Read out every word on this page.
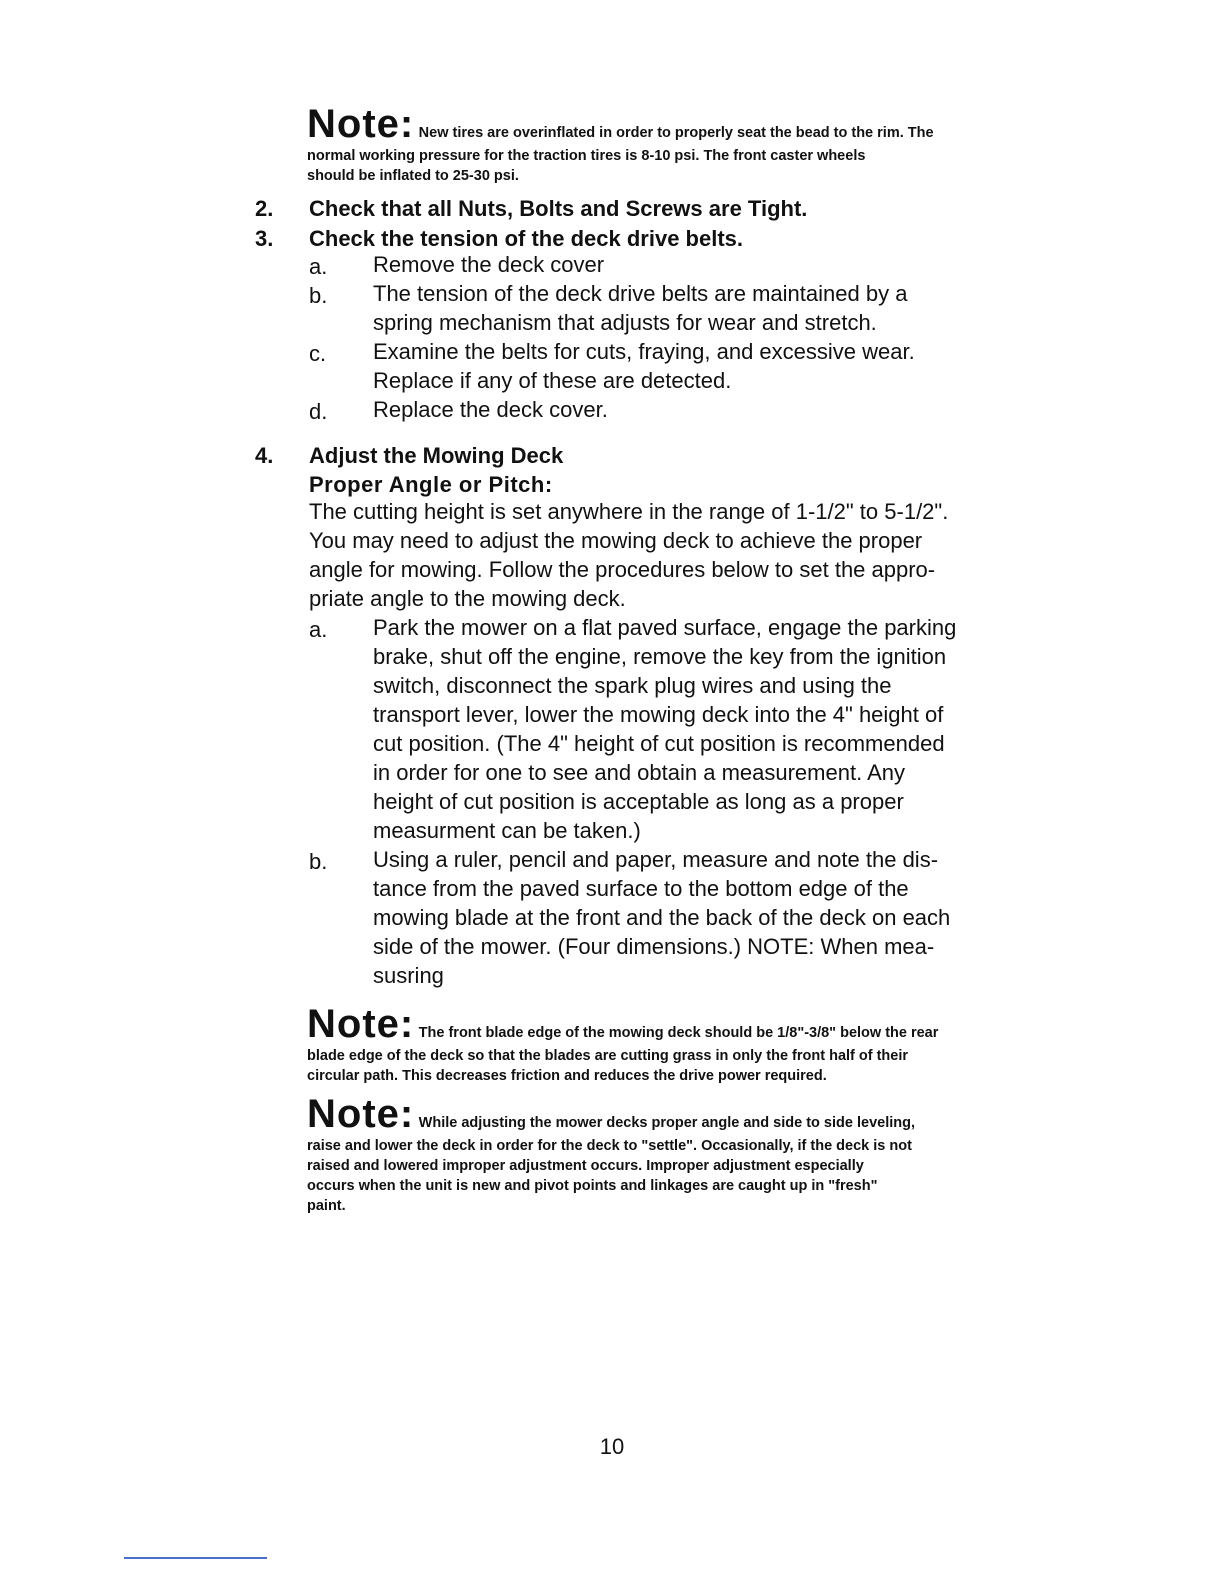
Note: New tires are overinflated in order to properly seat the bead to the rim. The
normal working pressure for the traction tires is 8-10 psi. The front caster wheels
should be inflated to 25-30 psi.
2. Check that all Nuts, Bolts and Screws are Tight.
3. Check the tension of the deck drive belts.
a. Remove the deck cover
b. The tension of the deck drive belts are maintained by a
spring mechanism that adjusts for wear and stretch.
c. Examine the belts for cuts, fraying, and excessive wear.
Replace if any of these are detected.
d. Replace the deck cover.
4. Adjust the Mowing Deck
Proper Angle or Pitch:
The cutting height is set anywhere in the range of 1-1/2" to 5-1/2".
You may need to adjust the mowing deck to achieve the proper
angle for mowing. Follow the procedures below to set the appro-
priate angle to the mowing deck.
a. Park the mower on a flat paved surface, engage the parking
brake, shut off the engine, remove the key from the ignition
switch, disconnect the spark plug wires and using the
transport lever, lower the mowing deck into the 4" height of
cut position. (The 4" height of cut position is recommended
in order for one to see and obtain a measurement. Any
height of cut position is acceptable as long as a proper
measurment can be taken.)
b. Using a ruler, pencil and paper, measure and note the dis-
tance from the paved surface to the bottom edge of the
mowing blade at the front and the back of the deck on each
side of the mower. (Four dimensions.) NOTE: When mea-
susring
Note: The front blade edge of the mowing deck should be 1/8"-3/8" below the rear
blade edge of the deck so that the blades are cutting grass in only the front half of their
circular path. This decreases friction and reduces the drive power required.
Note: While adjusting the mower decks proper angle and side to side leveling,
raise and lower the deck in order for the deck to "settle". Occasionally, if the deck is not
raised and lowered improper adjustment occurs. Improper adjustment especially
occurs when the unit is new and pivot points and linkages are caught up in "fresh"
paint.
10
